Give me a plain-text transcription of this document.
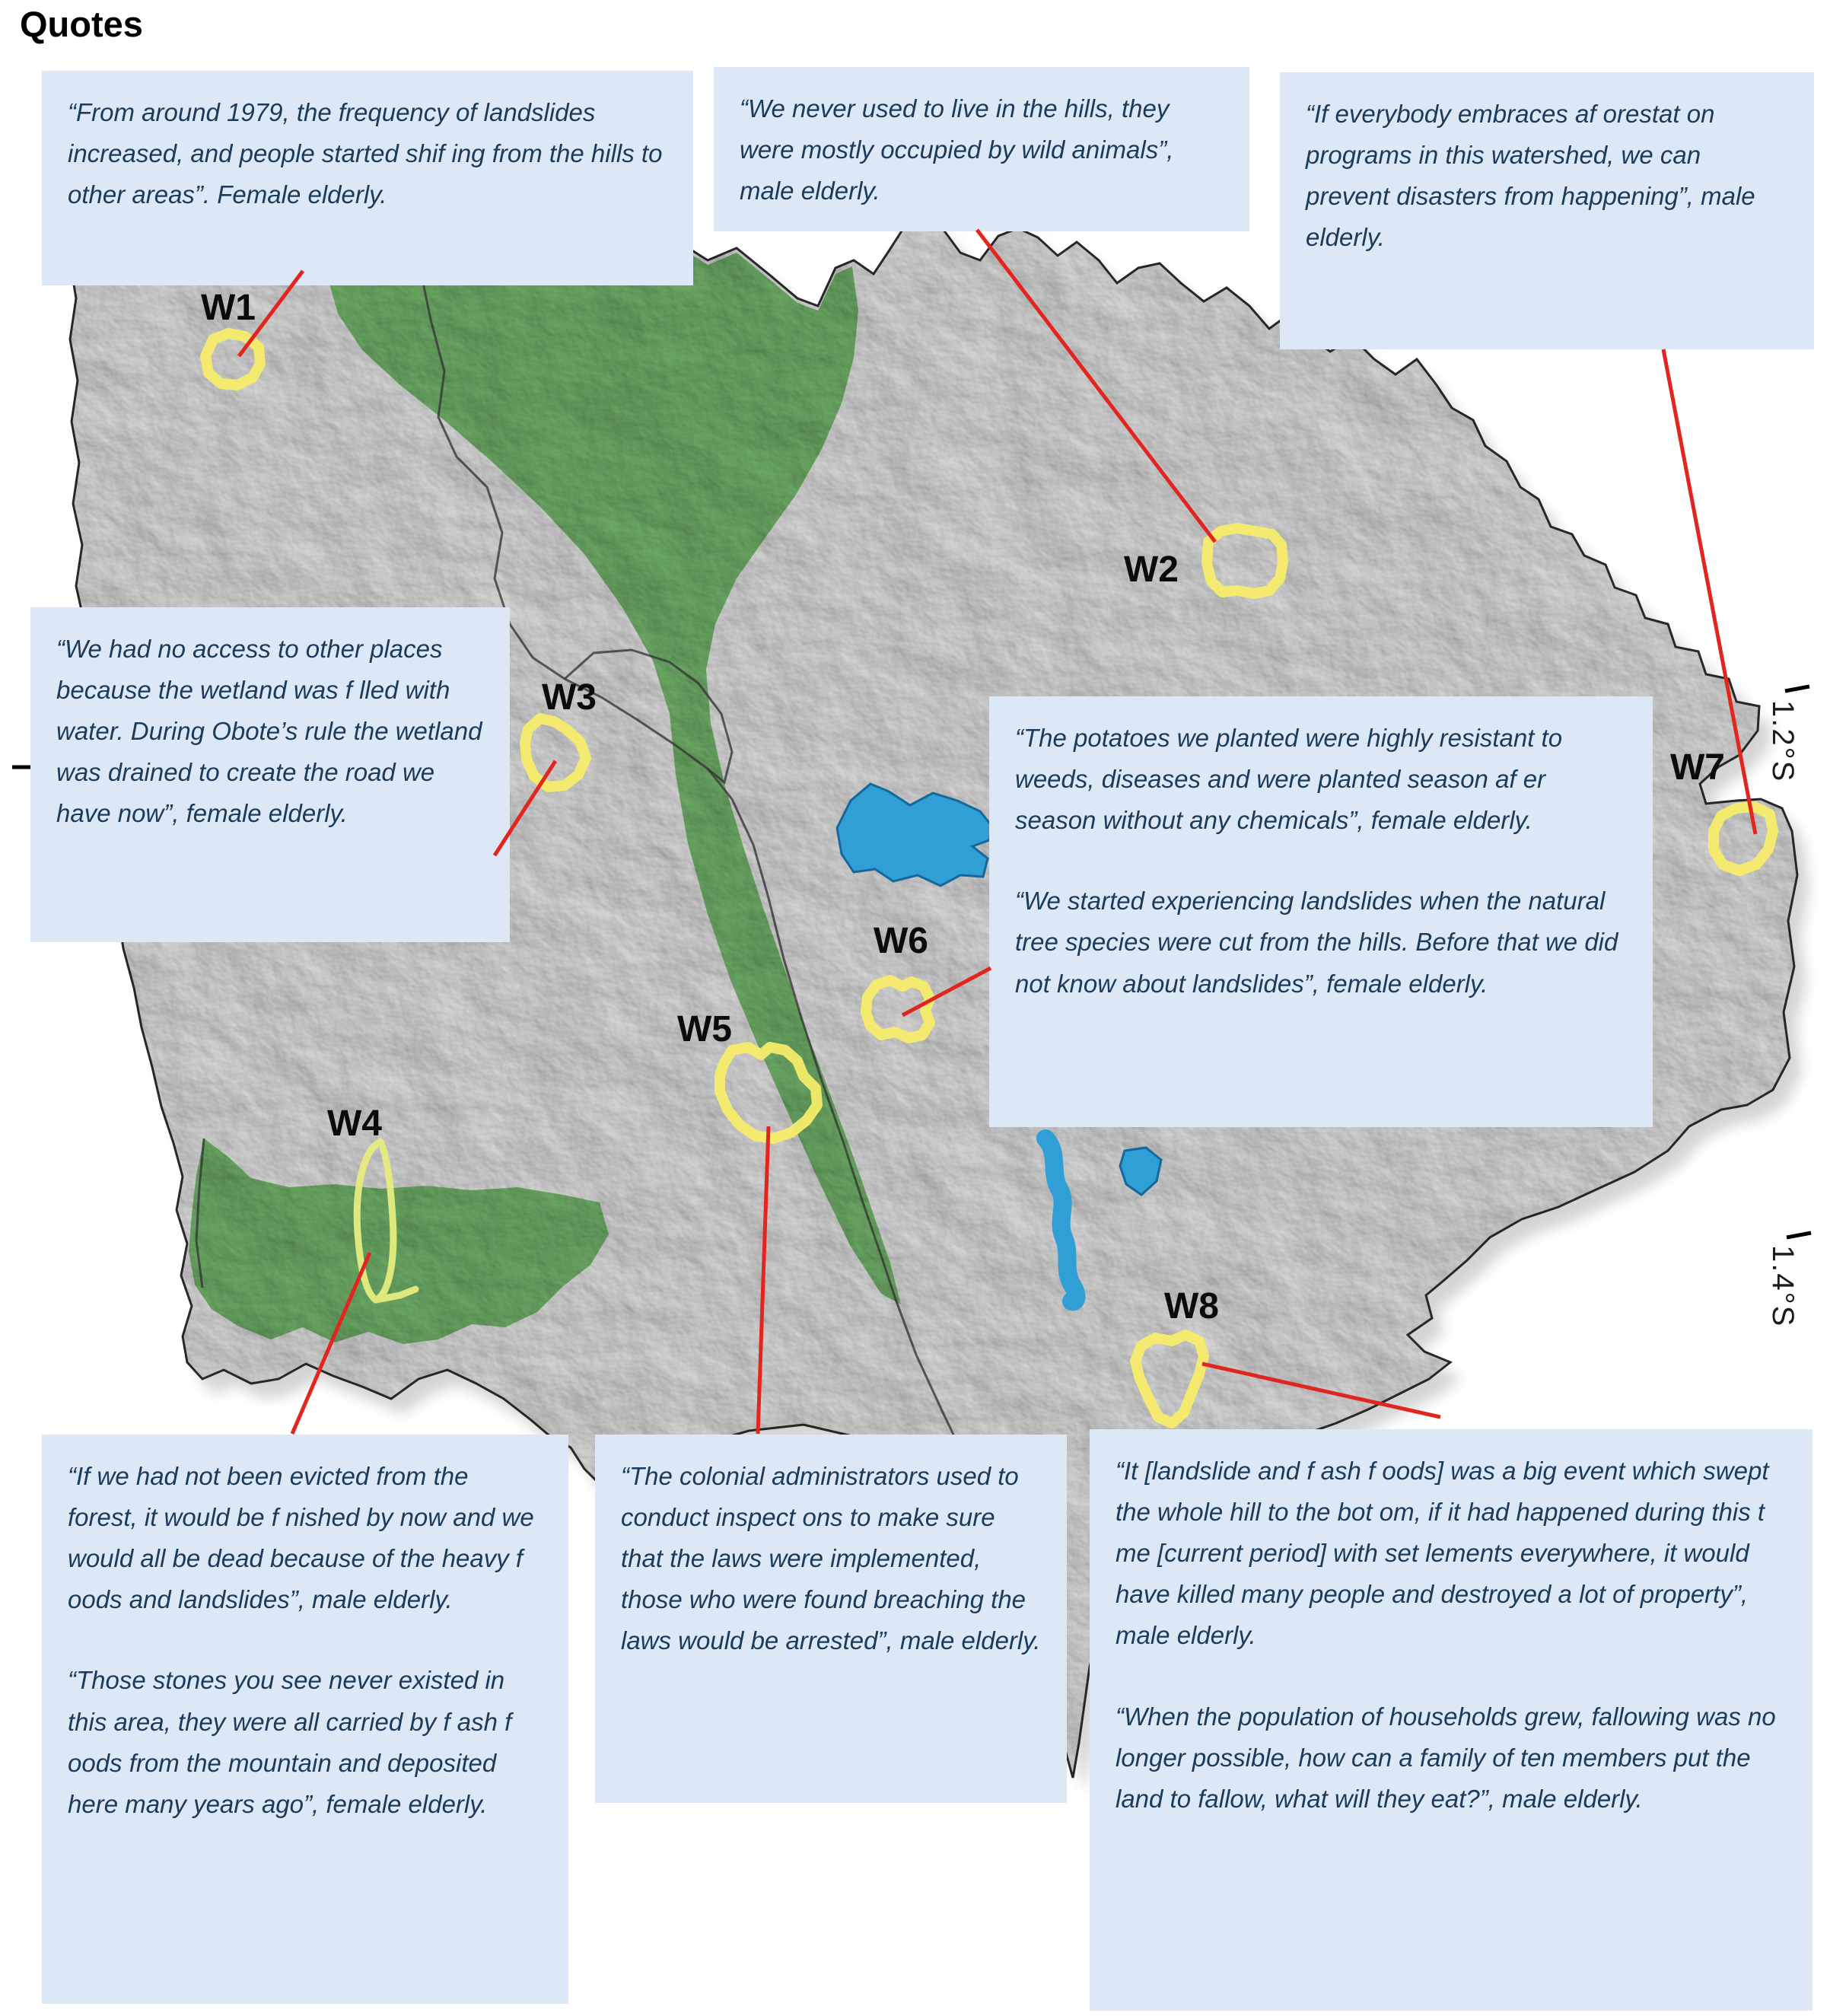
Quotes
W1
W2
W3
W4
W5
W6
W7
W8
1.2°S
1.4°S

“From around 1979, the frequency of landslides increased, and people started shif ing from the hills to other areas”. Female elderly.

“We never used to live in the hills, they were mostly occupied by wild animals”, male elderly.

“If everybody embraces af orestat on programs in this watershed, we can prevent disasters from happening”, male elderly.

“We had no access to other places because the wetland was f lled with water. During Obote’s rule the wetland was drained to create the road we have now”, female elderly.

“The potatoes we planted were highly resistant to weeds, diseases and were planted season af er season without any chemicals”, female elderly.

“We started experiencing landslides when the natural tree species were cut from the hills. Before that we did not know about landslides”, female elderly.

“If we had not been evicted from the forest, it would be f nished by now and we would all be dead because of the heavy f oods and landslides”, male elderly.

“Those stones you see never existed in this area, they were all carried by f ash f oods from the mountain and deposited here many years ago”, female elderly.

“The colonial administrators used to conduct inspect ons to make sure that the laws were implemented, those who were found breaching the laws would be arrested”, male elderly.

“It [landslide and f ash f oods] was a big event which swept the whole hill to the bot om, if it had happened during this t me [current period] with set lements everywhere, it would have killed many people and destroyed a lot of property”, male elderly.

“When the population of households grew, fallowing was no longer possible, how can a family of ten members put the land to fallow, what will they eat?”, male elderly.
